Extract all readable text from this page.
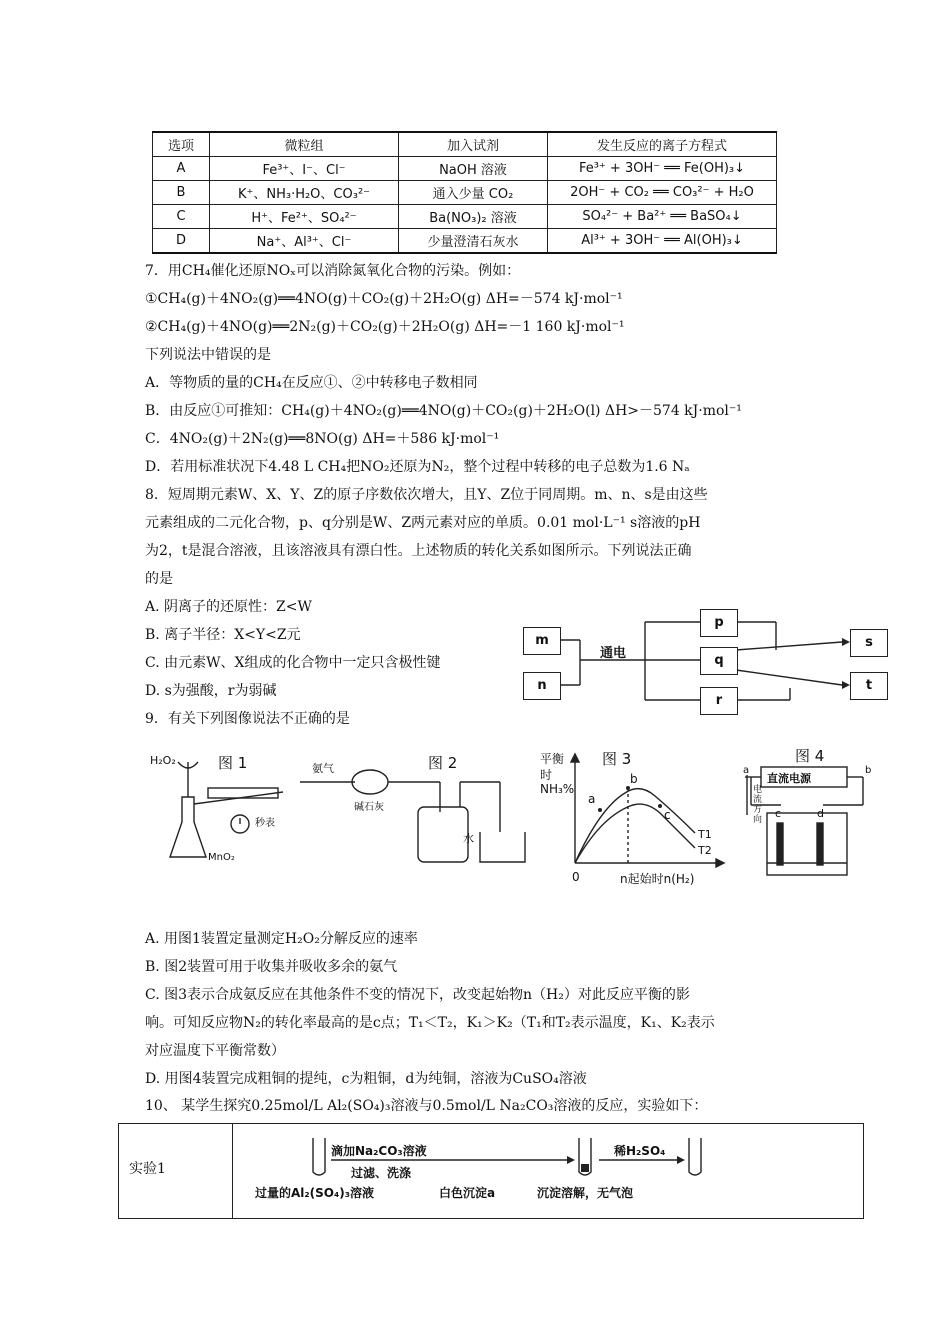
选项	微粒组	加入试剂	发生反应的离子方程式
A	Fe³⁺、I⁻、Cl⁻	NaOH 溶液	Fe³⁺ + 3OH⁻ ══ Fe(OH)₃↓
B	K⁺、NH₃·H₂O、CO₃²⁻	通入少量 CO₂	2OH⁻ + CO₂ ══ CO₃²⁻ + H₂O
C	H⁺、Fe²⁺、SO₄²⁻	Ba(NO₃)₂ 溶液	SO₄²⁻ + Ba²⁺ ══ BaSO₄↓
D	Na⁺、Al³⁺、Cl⁻	少量澄清石灰水	Al³⁺ + 3OH⁻ ══ Al(OH)₃↓
7．用CH₄催化还原NOₓ可以消除氮氧化合物的污染。例如：
①CH₄(g)＋4NO₂(g)══4NO(g)＋CO₂(g)＋2H₂O(g) ΔH=－574 kJ·mol⁻¹
②CH₄(g)＋4NO(g)══2N₂(g)＋CO₂(g)＋2H₂O(g) ΔH=－1 160 kJ·mol⁻¹
下列说法中错误的是
A．等物质的量的CH₄在反应①、②中转移电子数相同
B．由反应①可推知：CH₄(g)＋4NO₂(g)══4NO(g)＋CO₂(g)＋2H₂O(l) ΔH>－574 kJ·mol⁻¹
C．4NO₂(g)＋2N₂(g)══8NO(g) ΔH=＋586 kJ·mol⁻¹
D．若用标准状况下4.48 L CH₄把NO₂还原为N₂，整个过程中转移的电子总数为1.6 Nₐ
8．短周期元素W、X、Y、Z的原子序数依次增大，且Y、Z位于同周期。m、n、s是由这些
元素组成的二元化合物，p、q分别是W、Z两元素对应的单质。0.01 mol·L⁻¹ s溶液的pH
为2，t是混合溶液，且该溶液具有漂白性。上述物质的转化关系如图所示。下列说法正确
的是
A. 阴离子的还原性：Z<W
B. 离子半径：X<Y<Z元
C. 由元素W、X组成的化合物中一定只含极性键
D. s为强酸，r为弱碱
m
n
通电
p
q
r
s
t
9．有关下列图像说法不正确的是
H₂O₂	图 1
秒表
MnO₂
氨气	图 2
碱石灰
水
平衡
时
NH₃%
图 3
a
b
c
T1
T2
0	n起始时n(H₂)
图 4
直流电源
a	b
电流方向 c	d
A. 用图1装置定量测定H₂O₂分解反应的速率
B. 图2装置可用于收集并吸收多余的氨气
C. 图3表示合成氨反应在其他条件不变的情况下，改变起始物n（H₂）对此反应平衡的影
响。可知反应物N₂的转化率最高的是c点；T₁＜T₂，K₁＞K₂（T₁和T₂表示温度，K₁、K₂表示
对应温度下平衡常数）
D. 用图4装置完成粗铜的提纯，c为粗铜，d为纯铜，溶液为CuSO₄溶液
10、 某学生探究0.25mol/L Al₂(SO₄)₃溶液与0.5mol/L Na₂CO₃溶液的反应，实验如下：
实验1
滴加Na₂CO₃溶液
过滤、洗涤
稀H₂SO₄
过量的Al₂(SO₄)₃溶液	白色沉淀a	沉淀溶解，无气泡
